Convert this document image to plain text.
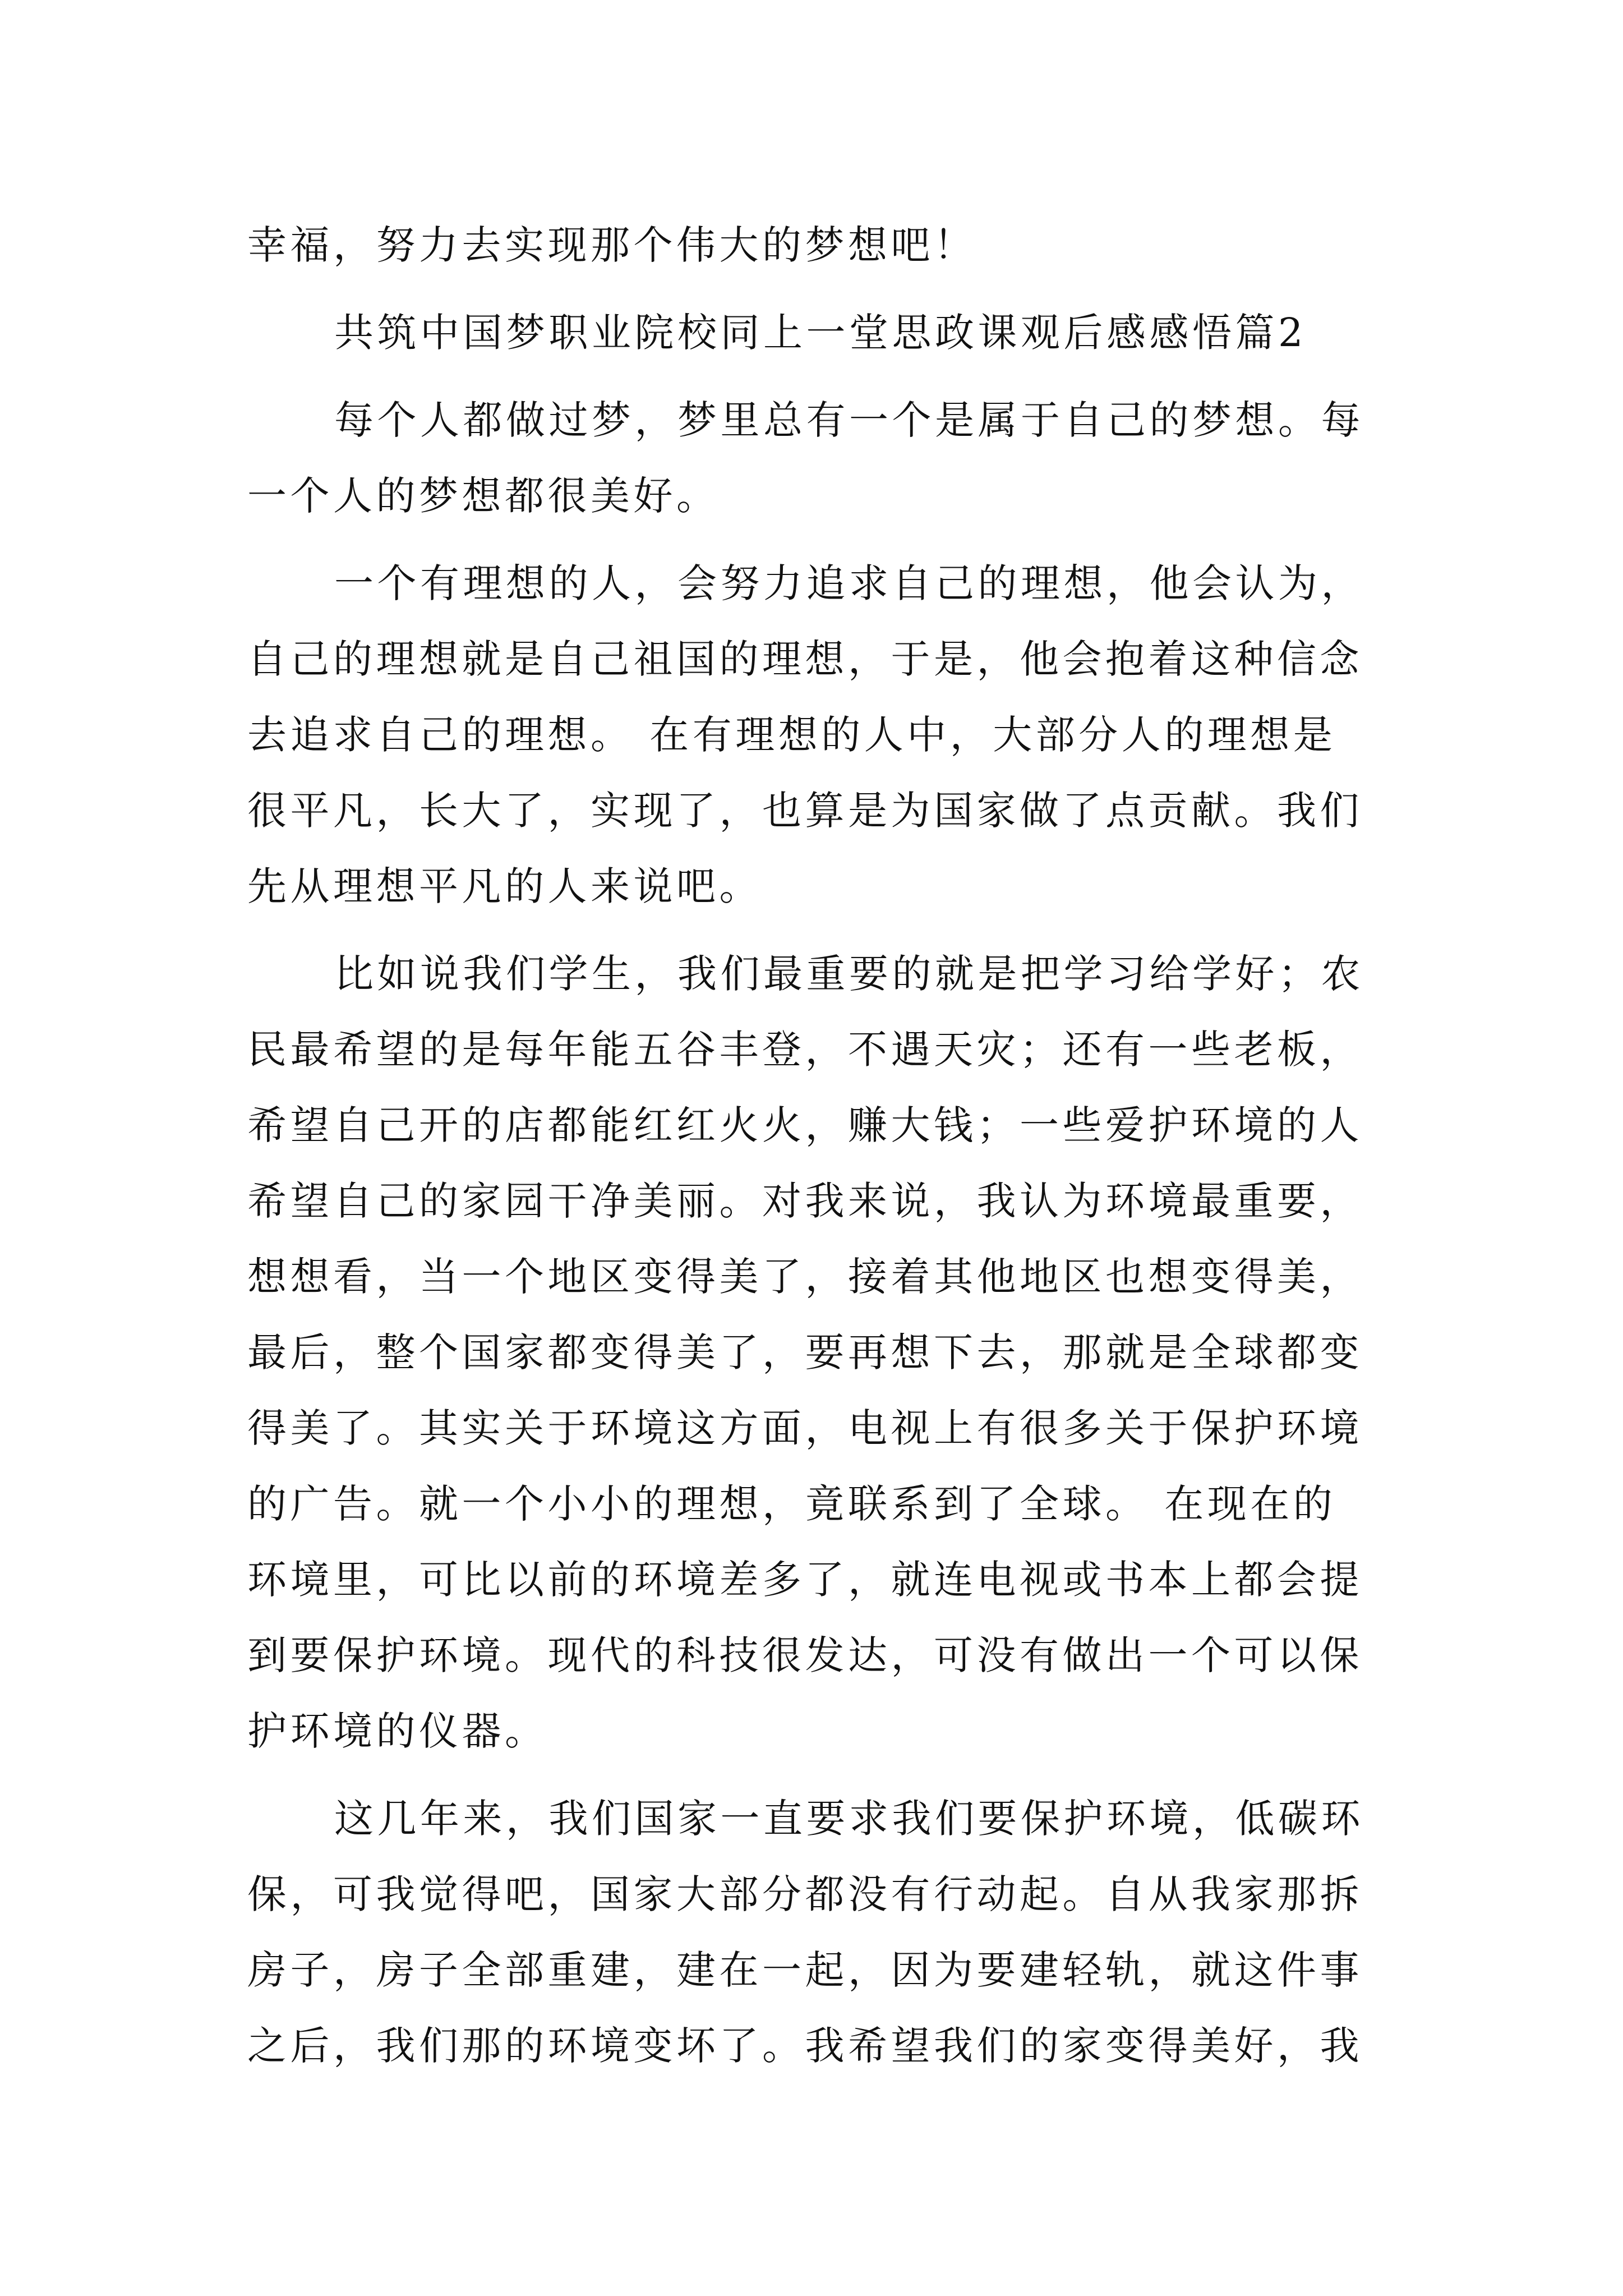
幸福，努力去实现那个伟大的梦想吧！
共筑中国梦职业院校同上一堂思政课观后感感悟篇2
每个人都做过梦，梦里总有一个是属于自己的梦想。每
一个人的梦想都很美好。
一个有理想的人，会努力追求自己的理想，他会认为，
自己的理想就是自己祖国的理想，于是，他会抱着这种信念
去追求自己的理想。 在有理想的人中，大部分人的理想是
很平凡，长大了，实现了，也算是为国家做了点贡献。我们
先从理想平凡的人来说吧。
比如说我们学生，我们最重要的就是把学习给学好；农
民最希望的是每年能五谷丰登，不遇天灾；还有一些老板，
希望自己开的店都能红红火火，赚大钱；一些爱护环境的人
希望自己的家园干净美丽。对我来说，我认为环境最重要，
想想看，当一个地区变得美了，接着其他地区也想变得美，
最后，整个国家都变得美了，要再想下去，那就是全球都变
得美了。其实关于环境这方面，电视上有很多关于保护环境
的广告。就一个小小的理想，竟联系到了全球。 在现在的
环境里，可比以前的环境差多了，就连电视或书本上都会提
到要保护环境。现代的科技很发达，可没有做出一个可以保
护环境的仪器。
这几年来，我们国家一直要求我们要保护环境，低碳环
保，可我觉得吧，国家大部分都没有行动起。自从我家那拆
房子，房子全部重建，建在一起，因为要建轻轨，就这件事
之后，我们那的环境变坏了。我希望我们的家变得美好，我
